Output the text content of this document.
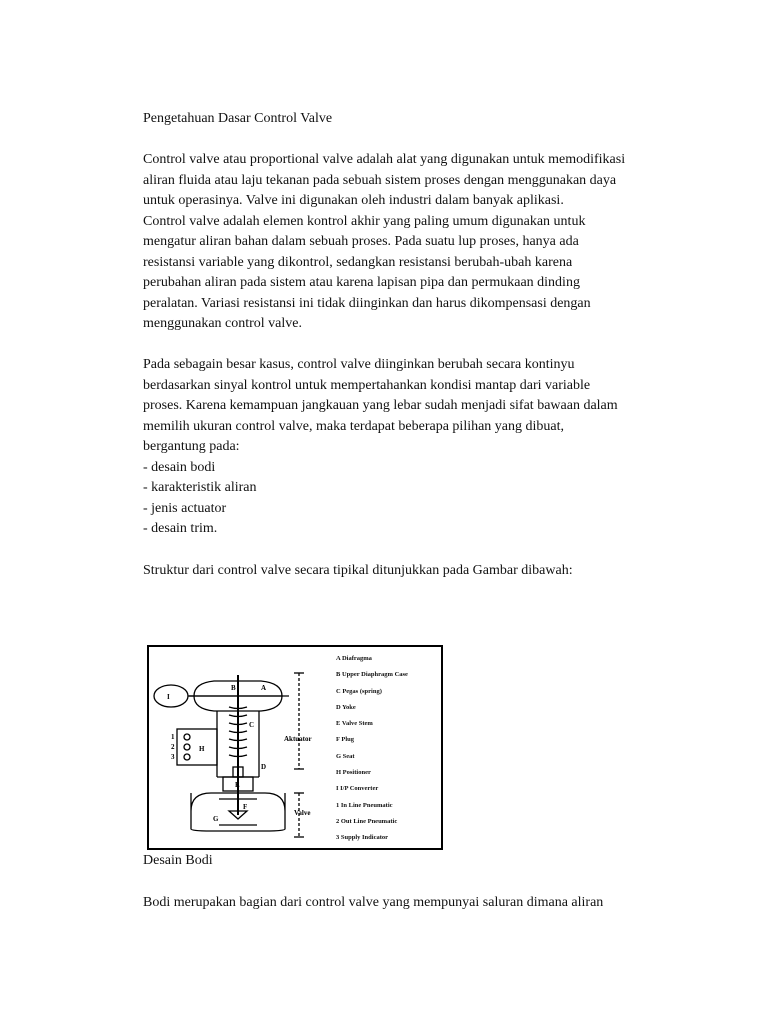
Pengetahuan Dasar Control Valve

Control valve atau proportional valve adalah alat yang digunakan untuk memodifikasi

aliran fluida atau laju tekanan pada sebuah sistem proses dengan menggunakan daya

untuk operasinya. Valve ini digunakan oleh industri dalam banyak aplikasi.

Control valve adalah elemen kontrol akhir yang paling umum digunakan untuk

mengatur aliran bahan dalam sebuah proses. Pada suatu lup proses, hanya ada

resistansi variable yang dikontrol, sedangkan resistansi berubah-ubah karena

perubahan aliran pada sistem atau karena lapisan pipa dan permukaan dinding

peralatan. Variasi resistansi ini tidak diinginkan dan harus dikompensasi dengan

menggunakan control valve.

Pada sebagain besar kasus, control valve diinginkan berubah secara kontinyu

berdasarkan sinyal kontrol untuk mempertahankan kondisi mantap dari variable

proses. Karena kemampuan jangkauan yang lebar sudah menjadi sifat bawaan dalam

memilih ukuran control valve, maka terdapat beberapa pilihan yang dibuat,

bergantung pada:

- desain bodi

- karakteristik aliran

- jenis actuator

- desain trim.

Struktur dari control valve secara tipikal ditunjukkan pada Gambar dibawah:

I
B	A
C
D
E
F
G
H
1
2
3
Aktuator
Valve
A Diafragma
B Upper Diaphragm Case
C Pegas (spring)
D Yoke
E Valve Stem
F Plug
G Seat
H Positioner
I I/P Converter
1 In Line Pneumatic
2 Out Line Pneumatic
3 Supply Indicator

Desain Bodi

Bodi merupakan bagian dari control valve yang mempunyai saluran dimana aliran
